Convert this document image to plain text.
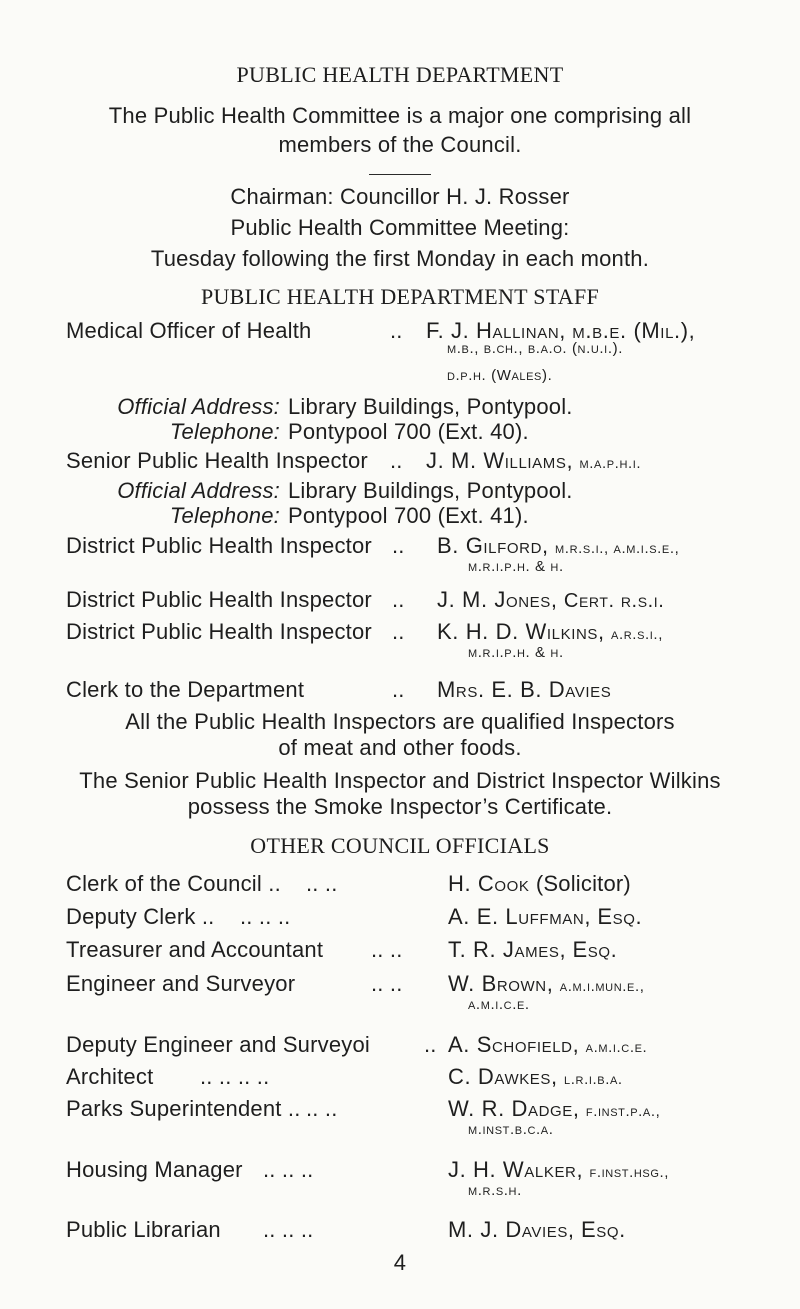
PUBLIC HEALTH DEPARTMENT
The Public Health Committee is a major one comprising all
members of the Council.
Chairman: Councillor H. J. Rosser
Public Health Committee Meeting:
Tuesday following the first Monday in each month.
PUBLIC HEALTH DEPARTMENT STAFF
Medical Officer of Health	.. F. J. Hallinan, m.b.e. (Mil.),
m.b., b.ch., b.a.o. (n.u.i.).
d.p.h. (Wales).
Official Address: Library Buildings, Pontypool.
Telephone: Pontypool 700 (Ext. 40).
Senior Public Health Inspector .. J. M. Williams, m.a.p.h.i.
Official Address: Library Buildings, Pontypool.
Telephone: Pontypool 700 (Ext. 41).
District Public Health Inspector .. B. Gilford, m.r.s.i., a.m.i.s.e.,
m.r.i.p.h. & h.
District Public Health Inspector .. J. M. Jones, Cert. r.s.i.
District Public Health Inspector .. K. H. D. Wilkins, a.r.s.i.,
m.r.i.p.h. & h.
Clerk to the Department	.. Mrs. E. B. Davies
All the Public Health Inspectors are qualified Inspectors
of meat and other foods.
The Senior Public Health Inspector and District Inspector Wilkins
possess the Smoke Inspector’s Certificate.
OTHER COUNCIL OFFICIALS
Clerk of the Council .. .. ..	H. Cook (Solicitor)
Deputy Clerk .. .. .. ..	A. E. Luffman, Esq.
Treasurer and Accountant .. .. T. R. James, Esq.
Engineer and Surveyor	.. .. W. Brown, a.m.i.mun.e.,
a.m.i.c.e.
Deputy Engineer and Surveyoi .. A. Schofield, a.m.i.c.e.
Architect .. .. .. ..	C. Dawkes, l.r.i.b.a.
Parks Superintendent .. .. ..	W. R. Dadge, f.inst.p.a.,
m.inst.b.c.a.
Housing Manager .. .. ..	J. H. Walker, f.inst.hsg.,
m.r.s.h.
Public Librarian .. .. ..	M. J. Davies, Esq.
4
